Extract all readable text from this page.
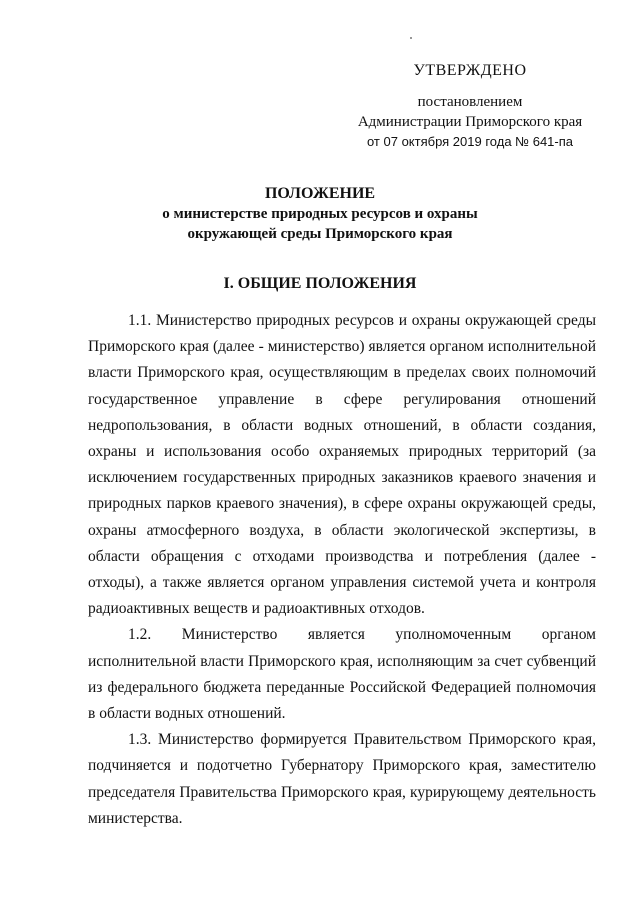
УТВЕРЖДЕНО
постановлением
Администрации Приморского края
от 07 октября 2019 года № 641-па
ПОЛОЖЕНИЕ
о министерстве природных ресурсов и охраны
окружающей среды Приморского края
I. ОБЩИЕ ПОЛОЖЕНИЯ

1.1. Министерство природных ресурсов и охраны окружающей среды Приморского края (далее - министерство) является органом исполнительной власти Приморского края, осуществляющим в пределах своих полномочий государственное управление в сфере регулирования отношений недропользования, в области водных отношений, в области создания, охраны и использования особо охраняемых природных территорий (за исключением государственных природных заказников краевого значения и природных парков краевого значения), в сфере охраны окружающей среды, охраны атмосферного воздуха, в области экологической экспертизы, в области обращения с отходами производства и потребления (далее - отходы), а также является органом управления системой учета и контроля радиоактивных веществ и радиоактивных отходов.

1.2. Министерство является уполномоченным органом исполнительной власти Приморского края, исполняющим за счет субвенций из федерального бюджета переданные Российской Федерацией полномочия в области водных отношений.

1.3. Министерство формируется Правительством Приморского края, подчиняется и подотчетно Губернатору Приморского края, заместителю председателя Правительства Приморского края, курирующему деятельность министерства.
